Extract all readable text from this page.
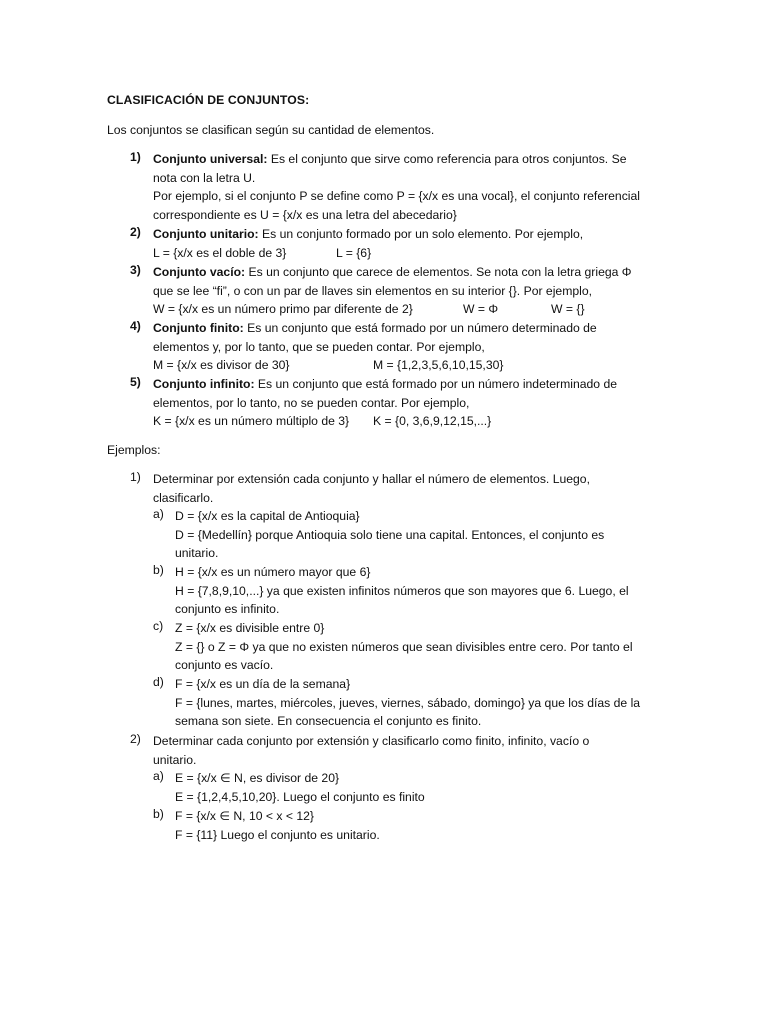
CLASIFICACIÓN DE CONJUNTOS:
Los conjuntos se clasifican según su cantidad de elementos.
1) Conjunto universal: Es el conjunto que sirve como referencia para otros conjuntos. Se
nota con la letra U.
Por ejemplo, si el conjunto P se define como P = {x/x es una vocal}, el conjunto referencial
correspondiente es U = {x/x es una letra del abecedario}
2) Conjunto unitario: Es un conjunto formado por un solo elemento. Por ejemplo,
L = {x/x es el doble de 3}	L = {6}
3) Conjunto vacío: Es un conjunto que carece de elementos. Se nota con la letra griega Φ
que se lee “fi”, o con un par de llaves sin elementos en su interior {}. Por ejemplo,
W = {x/x es un número primo par diferente de 2}	W = Φ	W = {}
4) Conjunto finito: Es un conjunto que está formado por un número determinado de
elementos y, por lo tanto, que se pueden contar. Por ejemplo,
M = {x/x es divisor de 30}	M = {1,2,3,5,6,10,15,30}
5) Conjunto infinito: Es un conjunto que está formado por un número indeterminado de
elementos, por lo tanto, no se pueden contar. Por ejemplo,
K = {x/x es un número múltiplo de 3} K = {0, 3,6,9,12,15,...}
Ejemplos:
1) Determinar por extensión cada conjunto y hallar el número de elementos. Luego,
clasificarlo.
a) D = {x/x es la capital de Antioquia}
D = {Medellín} porque Antioquia solo tiene una capital. Entonces, el conjunto es
unitario.
b) H = {x/x es un número mayor que 6}
H = {7,8,9,10,...} ya que existen infinitos números que son mayores que 6. Luego, el
conjunto es infinito.
c) Z = {x/x es divisible entre 0}
Z = {} o Z = Φ ya que no existen números que sean divisibles entre cero. Por tanto el
conjunto es vacío.
d) F = {x/x es un día de la semana}
F = {lunes, martes, miércoles, jueves, viernes, sábado, domingo} ya que los días de la
semana son siete. En consecuencia el conjunto es finito.
2) Determinar cada conjunto por extensión y clasificarlo como finito, infinito, vacío o
unitario.
a) E = {x/x ∈ N, es divisor de 20}
E = {1,2,4,5,10,20}. Luego el conjunto es finito
b) F = {x/x ∈ N, 10 < x < 12}
F = {11} Luego el conjunto es unitario.
